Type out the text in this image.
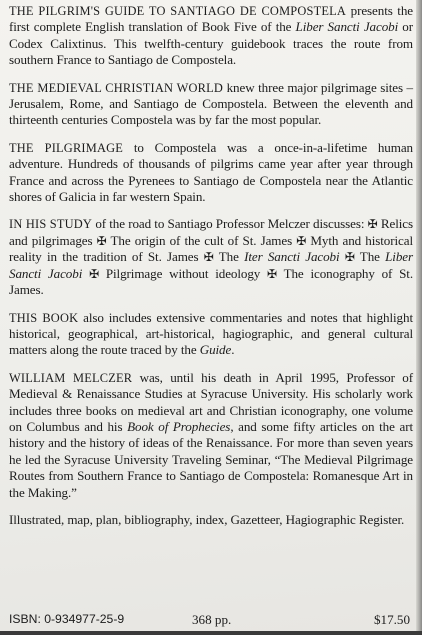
THE PILGRIM'S GUIDE TO SANTIAGO DE COMPOSTELA presents the first complete English translation of Book Five of the Liber Sancti Jacobi or Codex Calixtinus. This twelfth-century guidebook traces the route from southern France to Santiago de Compostela.

THE MEDIEVAL CHRISTIAN WORLD knew three major pilgrimage sites – Jerusalem, Rome, and Santiago de Compostela. Between the eleventh and thirteenth centuries Compostela was by far the most popular.

THE PILGRIMAGE to Compostela was a once-in-a-lifetime human adventure. Hundreds of thousands of pilgrims came year after year through France and across the Pyrenees to Santiago de Compostela near the Atlantic shores of Galicia in far western Spain.

IN HIS STUDY of the road to Santiago Professor Melczer discusses: ✠ Relics and pilgrimages ✠ The origin of the cult of St. James ✠ Myth and historical reality in the tradition of St. James ✠ The Iter Sancti Jacobi ✠ The Liber Sancti Jacobi ✠ Pilgrimage without ideology ✠ The iconography of St. James.

THIS BOOK also includes extensive commentaries and notes that highlight historical, geographical, art-historical, hagiographic, and general cultural matters along the route traced by the Guide.

WILLIAM MELCZER was, until his death in April 1995, Professor of Medieval & Renaissance Studies at Syracuse University. His scholarly work includes three books on medieval art and Christian iconography, one volume on Columbus and his Book of Prophecies, and some fifty articles on the art history and the history of ideas of the Renaissance. For more than seven years he led the Syracuse University Traveling Seminar, “The Medieval Pilgrimage Routes from Southern France to Santiago de Compostela: Romanesque Art in the Making.”

Illustrated, map, plan, bibliography, index, Gazetteer, Hagiographic Register.

ISBN: 0-934977-25-9	368 pp.	$17.50
